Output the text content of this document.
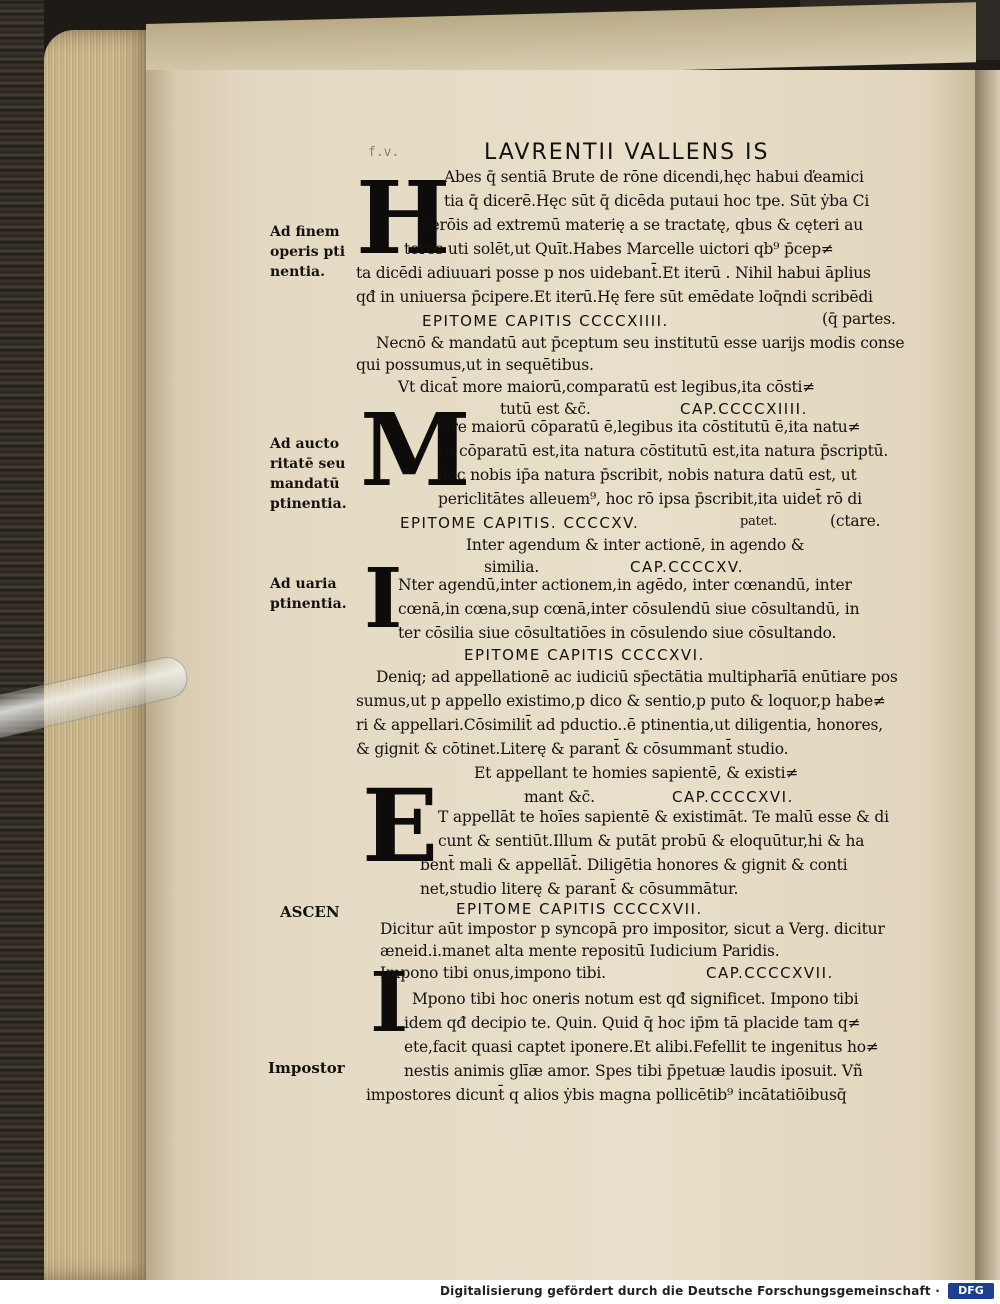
f.v.	LAVRENTII VALLENS IS
Ad finem
operis pti
nentia.
Ad aucto
ritatē seu
mandatū
ptinentia.
Ad uaria
ptinentia.
ASCEN
Impostor
H
M
I
E
I
Abes q̄ sentiā Brute de rōne dicendi,hęc habui ďeamici
tia q̄ dicerē.Hęc sūt q̄ dicēda putaui hoc tpe. Sūt ẏba Ci
cerōis ad extremū materię a se tractatę, qbus & cęteri au
tores uti solēt,ut Quīt.Habes Marcelle uictori qb⁹ p̄cep≠
ta dicēdi adiuuari posse p nos uidebant̄.Et iterū . Nihil habui āplius
qđ in uniuersa p̄cipere.Et iterū.Hę fere sūt emēdate loq̄ndi scribēdi
EPITOME CAPITIS CCCCXIIII.	(q̄ partes.
Necnō & mandatū aut p̄ceptum seu institutū esse uarijs modis conse
qui possumus,ut in sequētibus.
Vt dicat̄ more maiorū,comparatū est legibus,ita cōsti≠
tutū est &c̄.	CAP.CCCCXIIII.
Ore maiorū cōparatū ē,legibus ita cōstitutū ē,ita natu≠
ra cōparatū est,ita natura cōstitutū est,ita natura p̄scriptū.
hoc nobis ip̄a natura p̄scribit, nobis natura datū est, ut
periclitātes alleuem⁹, hoc rō ipsa p̄scribit,ita uidet̄ rō di
EPITOME CAPITIS. CCCCXV.	patet.	(ctare.
Inter agendum & inter actionē, in agendo &
similia.	CAP.CCCCXV.
Nter agendū,inter actionem,in agēdo, inter cœnandū, inter
cœnā,in cœna,sup cœnā,inter cōsulendū siue cōsultandū, in
ter cōsilia siue cōsultatiōes in cōsulendo siue cōsultando.
EPITOME CAPITIS CCCCXVI.
Deniq; ad appellationē ac iudiciū sp̄ectātia multipharīā enūtiare pos
sumus,ut p appello existimo,p dico & sentio,p puto & loquor,p habe≠
ri & appellari.Cōsimilit̄ ad pductio..ē ptinentia,ut diligentia, honores,
& gignit & cōtinet.Literę & parant̄ & cōsummant̄ studio.
Et appellant te homies sapientē, & existi≠
mant &c̄.	CAP.CCCCXVI.
T appellāt te hoīes sapientē & existimāt. Te malū esse & di
cunt & sentiūt.Illum & putāt probū & eloquūtur,hi & ha
bent̄ mali & appellāt̄. Diligētia honores & gignit & conti
net,studio literę & parant̄ & cōsummātur.
EPITOME CAPITIS CCCCXVII.
Dicitur aūt impostor p syncopā pro impositor, sicut a Verg. dicitur
æneid.i.manet alta mente repositū Iudicium Paridis.
Impono tibi onus,impono tibi.	CAP.CCCCXVII.
Mpono tibi hoc oneris notum est qđ significet. Impono tibi
idem qđ decipio te. Quin. Quid q̄ hoc ip̄m tā placide tam q≠
ete,facit quasi captet iponere.Et alibi.Fefellit te ingenitus ho≠
nestis animis glīæ amor. Spes tibi p̄petuæ laudis iposuit. Vñ
impostores dicunt̄ q alios ẏbis magna pollicētib⁹ incātatiōibusq̄
Digitalisierung gefördert durch die Deutsche Forschungsgemeinschaft ·	DFG
